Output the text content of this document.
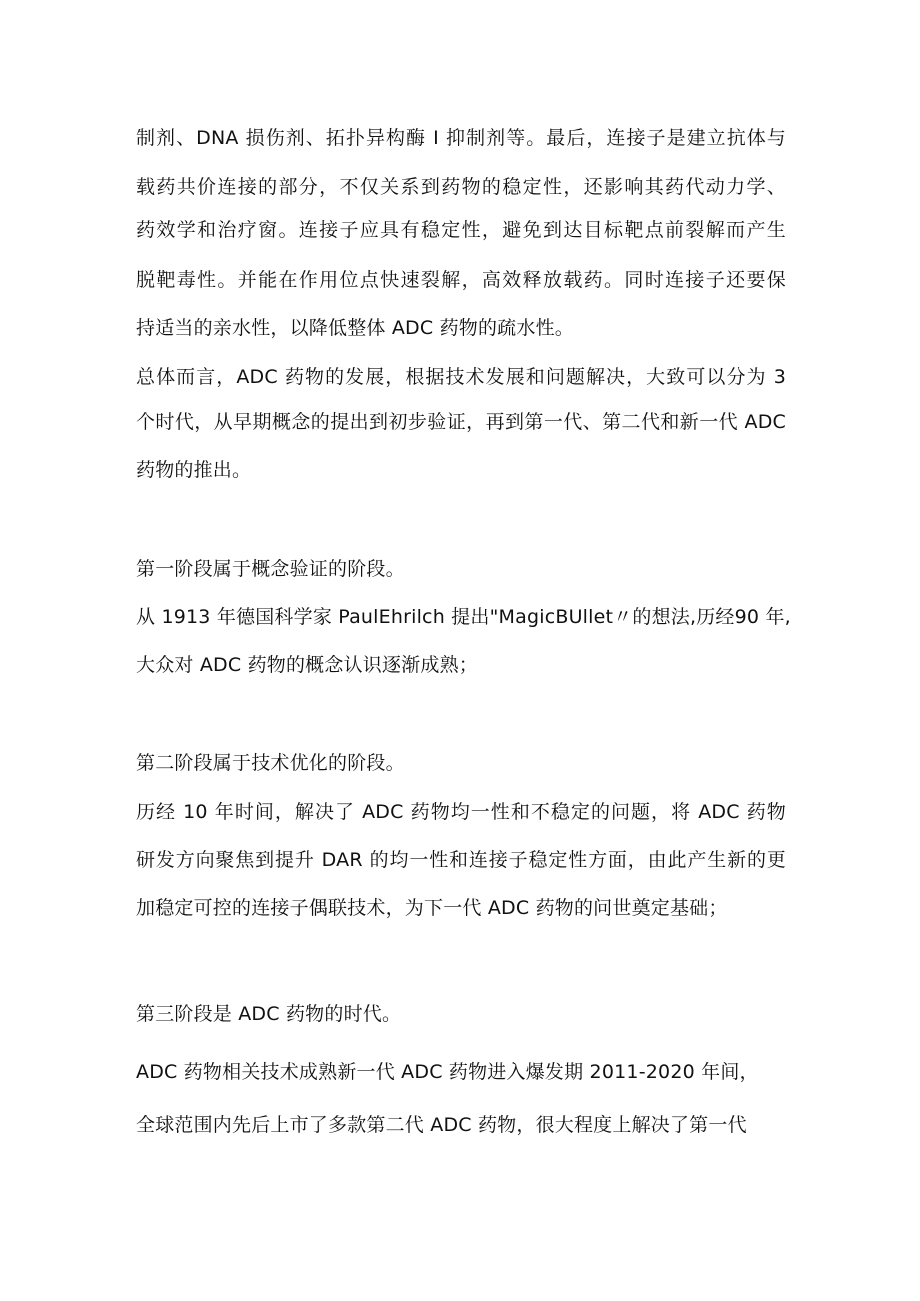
制剂、DNA 损伤剂、拓扑异构酶 I 抑制剂等。最后，连接子是建立抗体与
载药共价连接的部分，不仅关系到药物的稳定性，还影响其药代动力学、
药效学和治疗窗。连接子应具有稳定性，避免到达目标靶点前裂解而产生
脱靶毒性。并能在作用位点快速裂解，高效释放载药。同时连接子还要保
持适当的亲水性，以降低整体 ADC 药物的疏水性。
总体而言，ADC 药物的发展，根据技术发展和问题解决，大致可以分为 3
个时代，从早期概念的提出到初步验证，再到第一代、第二代和新一代 ADC
药物的推出。
第一阶段属于概念验证的阶段。
从 1913 年德国科学家 PaulEhrilch 提出"MagicBUllet〃的想法,历经90 年,
大众对 ADC 药物的概念认识逐渐成熟；
第二阶段属于技术优化的阶段。
历经 10 年时间，解决了 ADC 药物均一性和不稳定的问题，将 ADC 药物
研发方向聚焦到提升 DAR 的均一性和连接子稳定性方面，由此产生新的更
加稳定可控的连接子偶联技术，为下一代 ADC 药物的问世奠定基础；
第三阶段是 ADC 药物的时代。
ADC 药物相关技术成熟新一代 ADC 药物进入爆发期 2011-2020 年间，
全球范围内先后上市了多款第二代 ADC 药物，很大程度上解决了第一代
